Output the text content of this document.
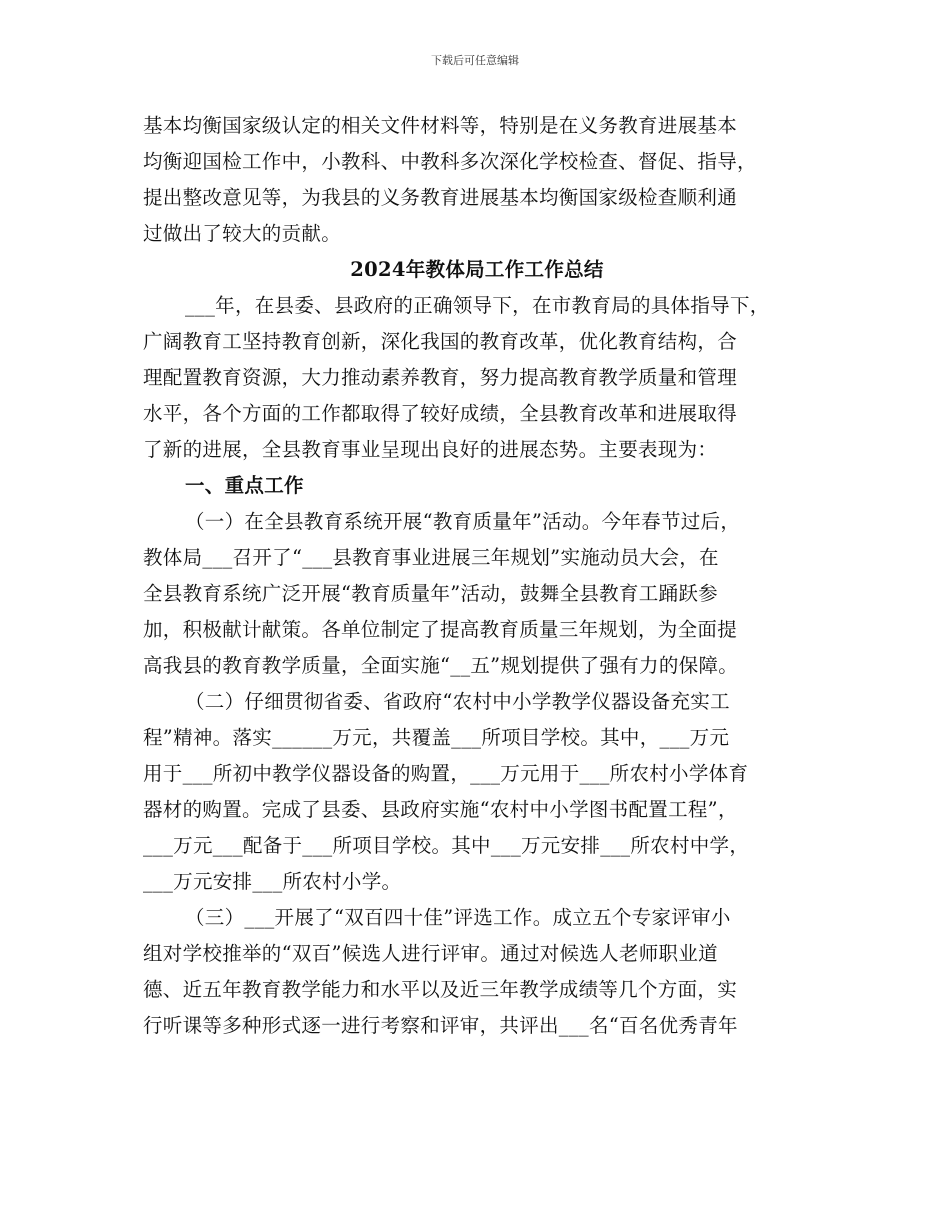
下载后可任意编辑
基本均衡国家级认定的相关文件材料等，特别是在义务教育进展基本
均衡迎国检工作中，小教科、中教科多次深化学校检查、督促、指导，
提出整改意见等，为我县的义务教育进展基本均衡国家级检查顺利通
过做出了较大的贡献。
2024年教体局工作工作总结
___年，在县委、县政府的正确领导下，在市教育局的具体指导下，
广阔教育工坚持教育创新，深化我国的教育改革，优化教育结构，合
理配置教育资源，大力推动素养教育，努力提高教育教学质量和管理
水平，各个方面的工作都取得了较好成绩，全县教育改革和进展取得
了新的进展，全县教育事业呈现出良好的进展态势。主要表现为：
一、重点工作
（一）在全县教育系统开展“教育质量年”活动。今年春节过后，
教体局___召开了“___县教育事业进展三年规划”实施动员大会，在
全县教育系统广泛开展“教育质量年”活动，鼓舞全县教育工踊跃参
加，积极献计献策。各单位制定了提高教育质量三年规划，为全面提
高我县的教育教学质量，全面实施“__五”规划提供了强有力的保障。
（二）仔细贯彻省委、省政府“农村中小学教学仪器设备充实工
程”精神。落实______万元，共覆盖___所项目学校。其中，___万元
用于___所初中教学仪器设备的购置，___万元用于___所农村小学体育
器材的购置。完成了县委、县政府实施“农村中小学图书配置工程”，
___万元___配备于___所项目学校。其中___万元安排___所农村中学，
___万元安排___所农村小学。
（三）___开展了“双百四十佳”评选工作。成立五个专家评审小
组对学校推举的“双百”候选人进行评审。通过对候选人老师职业道
德、近五年教育教学能力和水平以及近三年教学成绩等几个方面，实
行听课等多种形式逐一进行考察和评审，共评出___名“百名优秀青年
